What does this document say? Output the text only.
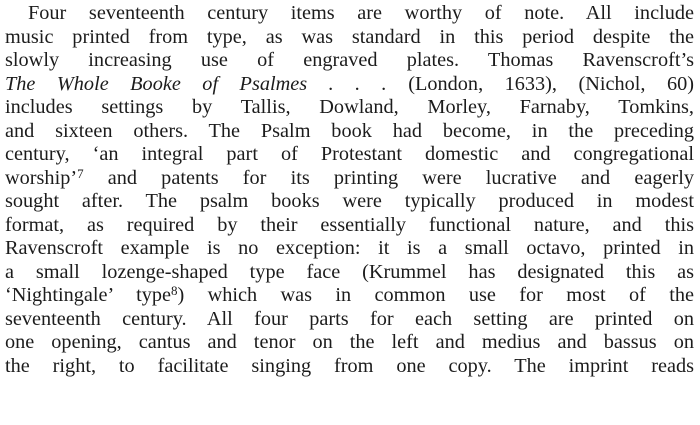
Four seventeenth century items are worthy of note. All include
music printed from type, as was standard in this period despite the
slowly increasing use of engraved plates. Thomas Ravenscroft’s
The Whole Booke of Psalmes . . . (London, 1633), (Nichol, 60)
includes settings by Tallis, Dowland, Morley, Farnaby, Tomkins,
and sixteen others. The Psalm book had become, in the preceding
century, ‘an integral part of Protestant domestic and congregational
worship’$^7$ and patents for its printing were lucrative and eagerly
sought after. The psalm books were typically produced in modest
format, as required by their essentially functional nature, and this
Ravenscroft example is no exception: it is a small octavo, printed in
a small lozenge-shaped type face (Krummel has designated this as
‘Nightingale’ type$^8$) which was in common use for most of the
seventeenth century. All four parts for each setting are printed on
one opening, cantus and tenor on the left and medius and bassus on
the right, to facilitate singing from one copy. The imprint reads
